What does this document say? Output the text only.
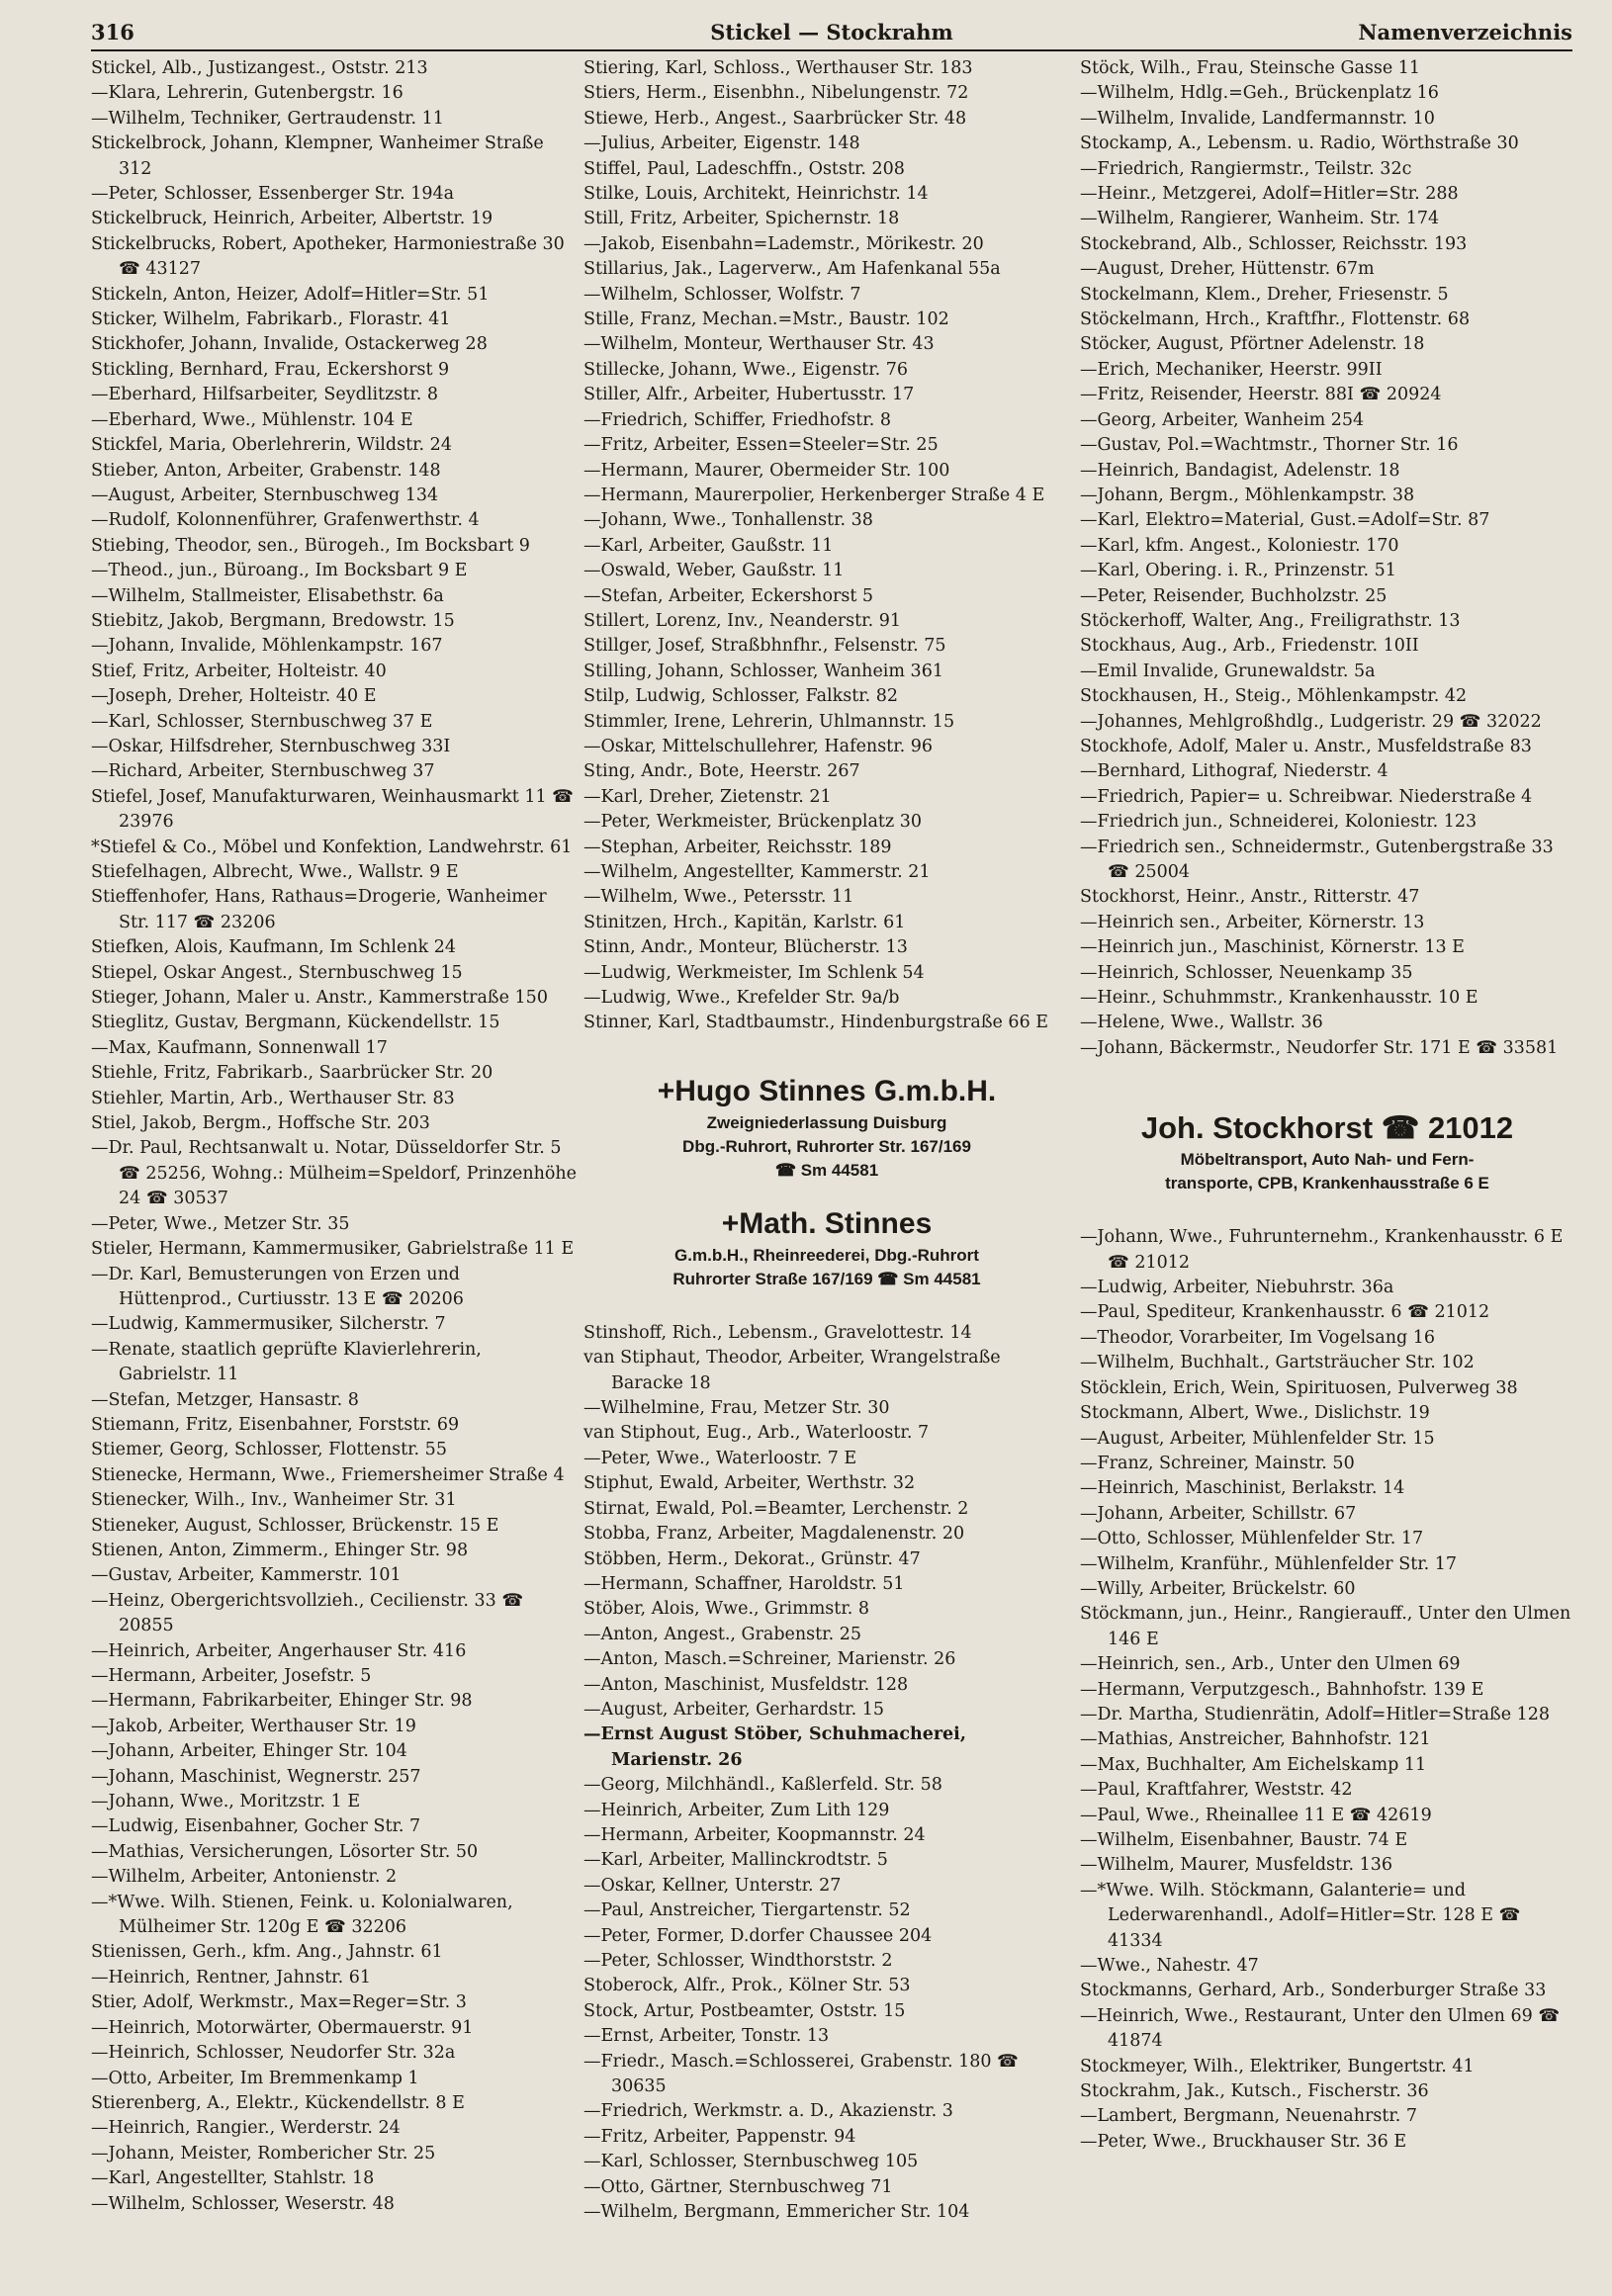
316	Stickel — Stockrahm	Namenverzeichnis
Stickel, Alb., Justizangest., Oststr. 213
—Klara, Lehrerin, Gutenbergstr. 16
—Wilhelm, Techniker, Gertraudenstr. 11
Stickelbrock, Johann, Klempner, Wanheimer Straße 312
—Peter, Schlosser, Essenberger Str. 194a
Stickelbruck, Heinrich, Arbeiter, Albertstr. 19
Stickelbrucks, Robert, Apotheker, Harmoniestraße 30 ☎ 43127
Stickeln, Anton, Heizer, Adolf=Hitler=Str. 51
Sticker, Wilhelm, Fabrikarb., Florastr. 41
Stickhofer, Johann, Invalide, Ostackerweg 28
Stickling, Bernhard, Frau, Eckershorst 9
—Eberhard, Hilfsarbeiter, Seydlitzstr. 8
—Eberhard, Wwe., Mühlenstr. 104 E
Stickfel, Maria, Oberlehrerin, Wildstr. 24
Stieber, Anton, Arbeiter, Grabenstr. 148
—August, Arbeiter, Sternbuschweg 134
—Rudolf, Kolonnenführer, Grafenwerthstr. 4
Stiebing, Theodor, sen., Bürogeh., Im Bocksbart 9
—Theod., jun., Büroang., Im Bocksbart 9 E
—Wilhelm, Stallmeister, Elisabethstr. 6a
Stiebitz, Jakob, Bergmann, Bredowstr. 15
—Johann, Invalide, Möhlenkampstr. 167
Stief, Fritz, Arbeiter, Holteistr. 40
—Joseph, Dreher, Holteistr. 40 E
—Karl, Schlosser, Sternbuschweg 37 E
—Oskar, Hilfsdreher, Sternbuschweg 33I
—Richard, Arbeiter, Sternbuschweg 37
Stiefel, Josef, Manufakturwaren, Weinhausmarkt 11 ☎ 23976
*Stiefel & Co., Möbel und Konfektion, Landwehrstr. 61
Stiefelhagen, Albrecht, Wwe., Wallstr. 9 E
Stieffenhofer, Hans, Rathaus=Drogerie, Wanheimer Str. 117 ☎ 23206
Stiefken, Alois, Kaufmann, Im Schlenk 24
Stiepel, Oskar Angest., Sternbuschweg 15
Stieger, Johann, Maler u. Anstr., Kammerstraße 150
Stieglitz, Gustav, Bergmann, Kückendellstr. 15
—Max, Kaufmann, Sonnenwall 17
Stiehle, Fritz, Fabrikarb., Saarbrücker Str. 20
Stiehler, Martin, Arb., Werthauser Str. 83
Stiel, Jakob, Bergm., Hoffsche Str. 203
—Dr. Paul, Rechtsanwalt u. Notar, Düsseldorfer Str. 5 ☎ 25256, Wohng.: Mülheim=Speldorf, Prinzenhöhe 24 ☎ 30537
—Peter, Wwe., Metzer Str. 35
Stieler, Hermann, Kammermusiker, Gabrielstraße 11 E
—Dr. Karl, Bemusterungen von Erzen und Hüttenprod., Curtiusstr. 13 E ☎ 20206
—Ludwig, Kammermusiker, Silcherstr. 7
—Renate, staatlich geprüfte Klavierlehrerin, Gabrielstr. 11
—Stefan, Metzger, Hansastr. 8
Stiemann, Fritz, Eisenbahner, Forststr. 69
Stiemer, Georg, Schlosser, Flottenstr. 55
Stienecke, Hermann, Wwe., Friemersheimer Straße 4
Stienecker, Wilh., Inv., Wanheimer Str. 31
Stieneker, August, Schlosser, Brückenstr. 15 E
Stienen, Anton, Zimmerm., Ehinger Str. 98
—Gustav, Arbeiter, Kammerstr. 101
—Heinz, Obergerichtsvollzieh., Cecilienstr. 33 ☎ 20855
—Heinrich, Arbeiter, Angerhauser Str. 416
—Hermann, Arbeiter, Josefstr. 5
—Hermann, Fabrikarbeiter, Ehinger Str. 98
—Jakob, Arbeiter, Werthauser Str. 19
—Johann, Arbeiter, Ehinger Str. 104
—Johann, Maschinist, Wegnerstr. 257
—Johann, Wwe., Moritzstr. 1 E
—Ludwig, Eisenbahner, Gocher Str. 7
—Mathias, Versicherungen, Lösorter Str. 50
—Wilhelm, Arbeiter, Antonienstr. 2
—*Wwe. Wilh. Stienen, Feink. u. Kolonialwaren, Mülheimer Str. 120g E ☎ 32206
Stienissen, Gerh., kfm. Ang., Jahnstr. 61
—Heinrich, Rentner, Jahnstr. 61
Stier, Adolf, Werkmstr., Max=Reger=Str. 3
—Heinrich, Motorwärter, Obermauerstr. 91
—Heinrich, Schlosser, Neudorfer Str. 32a
—Otto, Arbeiter, Im Bremmenkamp 1
Stierenberg, A., Elektr., Kückendellstr. 8 E
—Heinrich, Rangier., Werderstr. 24
—Johann, Meister, Rombericher Str. 25
—Karl, Angestellter, Stahlstr. 18
—Wilhelm, Schlosser, Weserstr. 48
Stiering, Karl, Schloss., Werthauser Str. 183
Stiers, Herm., Eisenbhn., Nibelungenstr. 72
Stiewe, Herb., Angest., Saarbrücker Str. 48
—Julius, Arbeiter, Eigenstr. 148
Stiffel, Paul, Ladeschffn., Oststr. 208
Stilke, Louis, Architekt, Heinrichstr. 14
Still, Fritz, Arbeiter, Spichernstr. 18
—Jakob, Eisenbahn=Lademstr., Mörikestr. 20
Stillarius, Jak., Lagerverw., Am Hafenkanal 55a
—Wilhelm, Schlosser, Wolfstr. 7
Stille, Franz, Mechan.=Mstr., Baustr. 102
—Wilhelm, Monteur, Werthauser Str. 43
Stillecke, Johann, Wwe., Eigenstr. 76
Stiller, Alfr., Arbeiter, Hubertusstr. 17
—Friedrich, Schiffer, Friedhofstr. 8
—Fritz, Arbeiter, Essen=Steeler=Str. 25
—Hermann, Maurer, Obermeider Str. 100
—Hermann, Maurerpolier, Herkenberger Straße 4 E
—Johann, Wwe., Tonhallenstr. 38
—Karl, Arbeiter, Gaußstr. 11
—Oswald, Weber, Gaußstr. 11
—Stefan, Arbeiter, Eckershorst 5
Stillert, Lorenz, Inv., Neanderstr. 91
Stillger, Josef, Straßbhnfhr., Felsenstr. 75
Stilling, Johann, Schlosser, Wanheim 361
Stilp, Ludwig, Schlosser, Falkstr. 82
Stimmler, Irene, Lehrerin, Uhlmannstr. 15
—Oskar, Mittelschullehrer, Hafenstr. 96
Sting, Andr., Bote, Heerstr. 267
—Karl, Dreher, Zietenstr. 21
—Peter, Werkmeister, Brückenplatz 30
—Stephan, Arbeiter, Reichsstr. 189
—Wilhelm, Angestellter, Kammerstr. 21
—Wilhelm, Wwe., Petersstr. 11
Stinitzen, Hrch., Kapitän, Karlstr. 61
Stinn, Andr., Monteur, Blücherstr. 13
—Ludwig, Werkmeister, Im Schlenk 54
—Ludwig, Wwe., Krefelder Str. 9a/b
Stinner, Karl, Stadtbaumstr., Hindenburgstraße 66 E
+Hugo Stinnes G.m.b.H.
Zweigniederlassung Duisburg
Dbg.-Ruhrort, Ruhrorter Str. 167/169
☎ Sm 44581
+Math. Stinnes
G.m.b.H., Rheinreederei, Dbg.-Ruhrort
Ruhrorter Straße 167/169 ☎ Sm 44581
Stinshoff, Rich., Lebensm., Gravelottestr. 14
van Stiphaut, Theodor, Arbeiter, Wrangelstraße Baracke 18
—Wilhelmine, Frau, Metzer Str. 30
van Stiphout, Eug., Arb., Waterloostr. 7
—Peter, Wwe., Waterloostr. 7 E
Stiphut, Ewald, Arbeiter, Werthstr. 32
Stirnat, Ewald, Pol.=Beamter, Lerchenstr. 2
Stobba, Franz, Arbeiter, Magdalenenstr. 20
Stöbben, Herm., Dekorat., Grünstr. 47
—Hermann, Schaffner, Haroldstr. 51
Stöber, Alois, Wwe., Grimmstr. 8
—Anton, Angest., Grabenstr. 25
—Anton, Masch.=Schreiner, Marienstr. 26
—Anton, Maschinist, Musfeldstr. 128
—August, Arbeiter, Gerhardstr. 15
—Ernst August Stöber, Schuhmacherei, Marienstr. 26
—Georg, Milchhändl., Kaßlerfeld. Str. 58
—Heinrich, Arbeiter, Zum Lith 129
—Hermann, Arbeiter, Koopmannstr. 24
—Karl, Arbeiter, Mallinckrodtstr. 5
—Oskar, Kellner, Unterstr. 27
—Paul, Anstreicher, Tiergartenstr. 52
—Peter, Former, D.dorfer Chaussee 204
—Peter, Schlosser, Windthorststr. 2
Stoberock, Alfr., Prok., Kölner Str. 53
Stock, Artur, Postbeamter, Oststr. 15
—Ernst, Arbeiter, Tonstr. 13
—Friedr., Masch.=Schlosserei, Grabenstr. 180 ☎ 30635
—Friedrich, Werkmstr. a. D., Akazienstr. 3
—Fritz, Arbeiter, Pappenstr. 94
—Karl, Schlosser, Sternbuschweg 105
—Otto, Gärtner, Sternbuschweg 71
—Wilhelm, Bergmann, Emmericher Str. 104
Stöck, Wilh., Frau, Steinsche Gasse 11
—Wilhelm, Hdlg.=Geh., Brückenplatz 16
—Wilhelm, Invalide, Landfermannstr. 10
Stockamp, A., Lebensm. u. Radio, Wörthstraße 30
—Friedrich, Rangiermstr., Teilstr. 32c
—Heinr., Metzgerei, Adolf=Hitler=Str. 288
—Wilhelm, Rangierer, Wanheim. Str. 174
Stockebrand, Alb., Schlosser, Reichsstr. 193
—August, Dreher, Hüttenstr. 67m
Stockelmann, Klem., Dreher, Friesenstr. 5
Stöckelmann, Hrch., Kraftfhr., Flottenstr. 68
Stöcker, August, Pförtner Adelenstr. 18
—Erich, Mechaniker, Heerstr. 99II
—Fritz, Reisender, Heerstr. 88I ☎ 20924
—Georg, Arbeiter, Wanheim 254
—Gustav, Pol.=Wachtmstr., Thorner Str. 16
—Heinrich, Bandagist, Adelenstr. 18
—Johann, Bergm., Möhlenkampstr. 38
—Karl, Elektro=Material, Gust.=Adolf=Str. 87
—Karl, kfm. Angest., Koloniestr. 170
—Karl, Obering. i. R., Prinzenstr. 51
—Peter, Reisender, Buchholzstr. 25
Stöckerhoff, Walter, Ang., Freiligrathstr. 13
Stockhaus, Aug., Arb., Friedenstr. 10II
—Emil Invalide, Grunewaldstr. 5a
Stockhausen, H., Steig., Möhlenkampstr. 42
—Johannes, Mehlgroßhdlg., Ludgeristr. 29 ☎ 32022
Stockhofe, Adolf, Maler u. Anstr., Musfeldstraße 83
—Bernhard, Lithograf, Niederstr. 4
—Friedrich, Papier= u. Schreibwar. Niederstraße 4
—Friedrich jun., Schneiderei, Koloniestr. 123
—Friedrich sen., Schneidermstr., Gutenbergstraße 33 ☎ 25004
Stockhorst, Heinr., Anstr., Ritterstr. 47
—Heinrich sen., Arbeiter, Körnerstr. 13
—Heinrich jun., Maschinist, Körnerstr. 13 E
—Heinrich, Schlosser, Neuenkamp 35
—Heinr., Schuhmmstr., Krankenhausstr. 10 E
—Helene, Wwe., Wallstr. 36
—Johann, Bäckermstr., Neudorfer Str. 171 E ☎ 33581
Joh. Stockhorst ☎ 21012
Möbeltransport, Auto Nah- und Fern-
transporte, CPB, Krankenhausstraße 6 E
—Johann, Wwe., Fuhrunternehm., Krankenhausstr. 6 E ☎ 21012
—Ludwig, Arbeiter, Niebuhrstr. 36a
—Paul, Spediteur, Krankenhausstr. 6 ☎ 21012
—Theodor, Vorarbeiter, Im Vogelsang 16
—Wilhelm, Buchhalt., Gartsträucher Str. 102
Stöcklein, Erich, Wein, Spirituosen, Pulverweg 38
Stockmann, Albert, Wwe., Dislichstr. 19
—August, Arbeiter, Mühlenfelder Str. 15
—Franz, Schreiner, Mainstr. 50
—Heinrich, Maschinist, Berlakstr. 14
—Johann, Arbeiter, Schillstr. 67
—Otto, Schlosser, Mühlenfelder Str. 17
—Wilhelm, Kranführ., Mühlenfelder Str. 17
—Willy, Arbeiter, Brückelstr. 60
Stöckmann, jun., Heinr., Rangierauff., Unter den Ulmen 146 E
—Heinrich, sen., Arb., Unter den Ulmen 69
—Hermann, Verputzgesch., Bahnhofstr. 139 E
—Dr. Martha, Studienrätin, Adolf=Hitler=Straße 128
—Mathias, Anstreicher, Bahnhofstr. 121
—Max, Buchhalter, Am Eichelskamp 11
—Paul, Kraftfahrer, Weststr. 42
—Paul, Wwe., Rheinallee 11 E ☎ 42619
—Wilhelm, Eisenbahner, Baustr. 74 E
—Wilhelm, Maurer, Musfeldstr. 136
—*Wwe. Wilh. Stöckmann, Galanterie= und Lederwarenhandl., Adolf=Hitler=Str. 128 E ☎ 41334
—Wwe., Nahestr. 47
Stockmanns, Gerhard, Arb., Sonderburger Straße 33
—Heinrich, Wwe., Restaurant, Unter den Ulmen 69 ☎ 41874
Stockmeyer, Wilh., Elektriker, Bungertstr. 41
Stockrahm, Jak., Kutsch., Fischerstr. 36
—Lambert, Bergmann, Neuenahrstr. 7
—Peter, Wwe., Bruckhauser Str. 36 E
